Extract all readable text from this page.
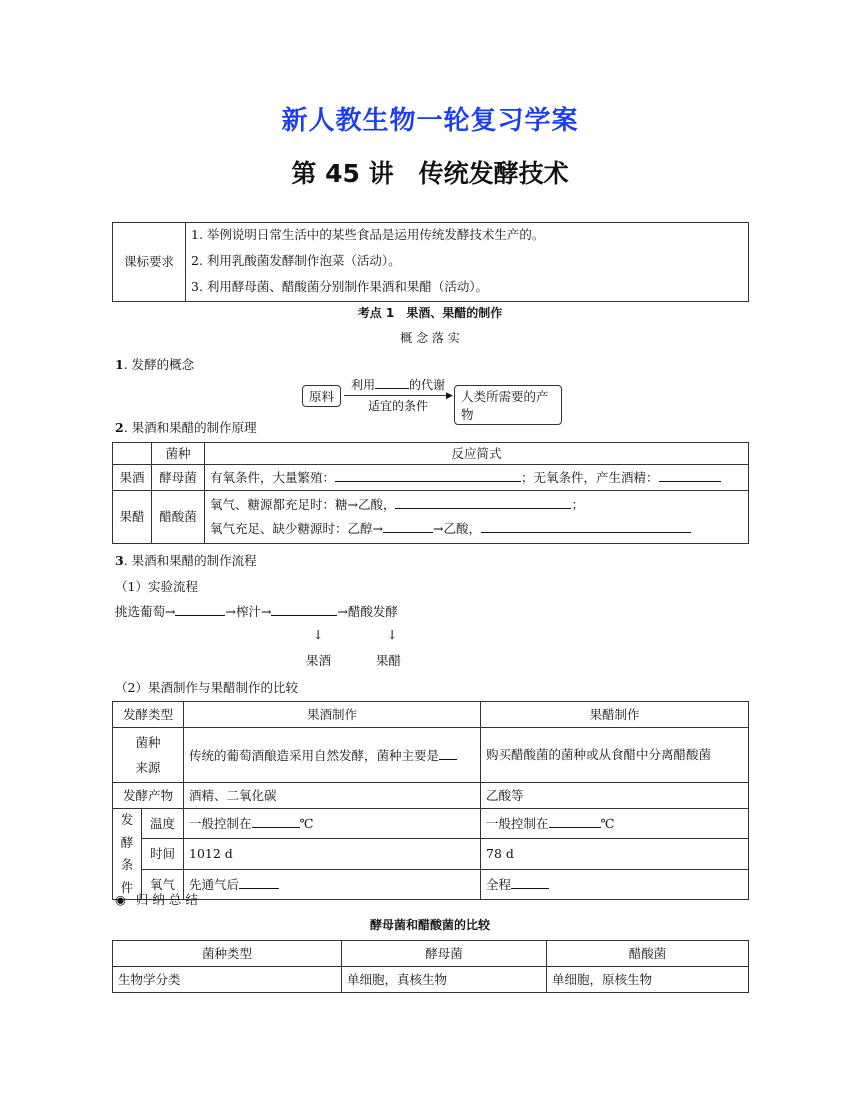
新人教生物一轮复习学案
第 45 讲　传统发酵技术
课标要求	1. 举例说明日常生活中的某些食品是运用传统发酵技术生产的。
2. 利用乳酸菌发酵制作泡菜（活动）。
3. 利用酵母菌、醋酸菌分别制作果酒和果醋（活动）。
考点 1　果酒、果醋的制作
概 念 落 实
1. 发酵的概念
原料
利用	的代谢
▶
适宜的条件
人类所需要的产物
2. 果酒和果醋的制作原理
	菌种	反应简式
果酒	酵母菌	有氧条件，大量繁殖： ；无氧条件，产生酒精：
果醋	醋酸菌	氧气、糖源都充足时：糖→乙酸， ；
氧气充足、缺少糖源时：乙醇→ →乙酸，
3. 果酒和果醋的制作流程
（1）实验流程
挑选葡萄→	→榨汁→	→醋酸发酵
↓	↓
果酒	果醋
（2）果酒制作与果醋制作的比较
发酵类型		果酒制作	果醋制作
菌种
来源		传统的葡萄酒酿造采用自然发酵，菌种主要是	购买醋酸菌的菌种或从食醋中分离醋酸菌
发酵产物		酒精、二氧化碳	乙酸等
发酵
条件	温度	一般控制在 ℃	一般控制在 ℃
	时间	1012 d	78 d
	氧气	先通气后	全程
◉ 归 纳 总 结
酵母菌和醋酸菌的比较
菌种类型	酵母菌	醋酸菌
生物学分类	单细胞，真核生物	单细胞，原核生物
